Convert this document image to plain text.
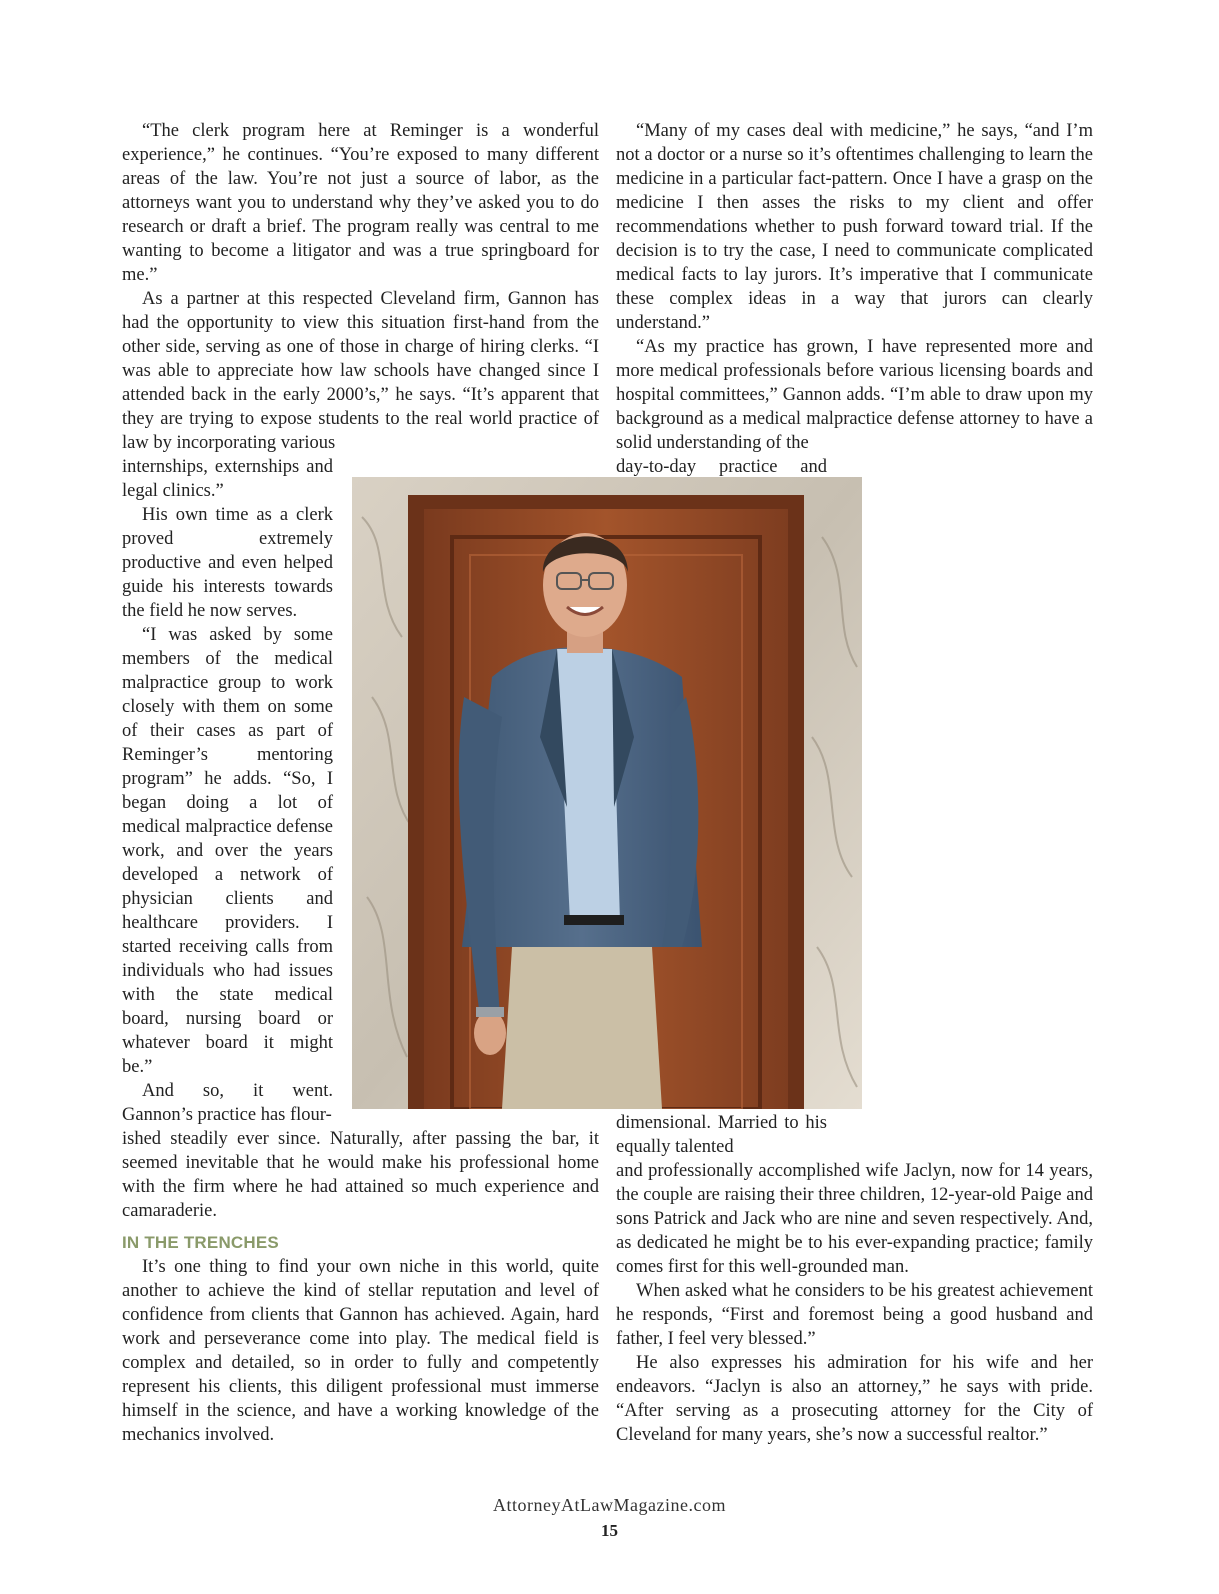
“The clerk program here at Reminger is a wonderful experience,” he continues. “You’re exposed to many different areas of the law. You’re not just a source of labor, as the attorneys want you to understand why they’ve asked you to do research or draft a brief. The program really was central to me wanting to become a litigator and was a true springboard for me.”

As a partner at this respected Cleveland firm, Gannon has had the opportunity to view this situation first-hand from the other side, serving as one of those in charge of hiring clerks. “I was able to appreciate how law schools have changed since I attended back in the early 2000’s,” he says. “It’s apparent that they are trying to expose students to the real world practice of law by incorporating various

internships, externships and legal clinics.”

His own time as a clerk proved extremely productive and even helped guide his interests towards the field he now serves.

“I was asked by some members of the medical malpractice group to work closely with them on some of their cases as part of Reminger’s mentoring program” he adds. “So, I began doing a lot of medical malpractice defense work, and over the years developed a network of physician clients and healthcare providers. I started receiving calls from individuals who had issues with the state medical board, nursing board or whatever board it might be.”

And so, it went. Gannon’s practice has flour-

ished steadily ever since. Naturally, after passing the bar, it seemed inevitable that he would make his professional home with the firm where he had attained so much experience and camaraderie.

IN THE TRENCHES

It’s one thing to find your own niche in this world, quite another to achieve the kind of stellar reputation and level of confidence from clients that Gannon has achieved. Again, hard work and perseverance come into play. The medical field is complex and detailed, so in order to fully and competently represent his clients, this diligent professional must immerse himself in the science, and have a working knowledge of the mechanics involved.

“Many of my cases deal with medicine,” he says, “and I’m not a doctor or a nurse so it’s oftentimes challenging to learn the medicine in a particular fact-pattern. Once I have a grasp on the medicine I then asses the risks to my client and offer recommendations whether to push forward toward trial. If the decision is to try the case, I need to communicate complicated medical facts to lay jurors. It’s imperative that I communicate these complex ideas in a way that jurors can clearly understand.”

“As my practice has grown, I have represented more and more medical professionals before various licensing boards and hospital committees,” Gannon adds. “I’m able to draw upon my background as a medical malpractice defense attorney to have a solid understanding of the

day-to-day practice and

dimensional. Married to his equally talented

and professionally accomplished wife Jaclyn, now for 14 years, the couple are raising their three children, 12-year-old Paige and sons Patrick and Jack who are nine and seven respectively. And, as dedicated he might be to his ever-expanding practice; family comes first for this well-grounded man.

When asked what he considers to be his greatest achievement he responds, “First and foremost being a good husband and father, I feel very blessed.”

He also expresses his admiration for his wife and her endeavors. “Jaclyn is also an attorney,” he says with pride. “After serving as a prosecuting attorney for the City of Cleveland for many years, she’s now a successful realtor.”

AttorneyAtLawMagazine.com
15
